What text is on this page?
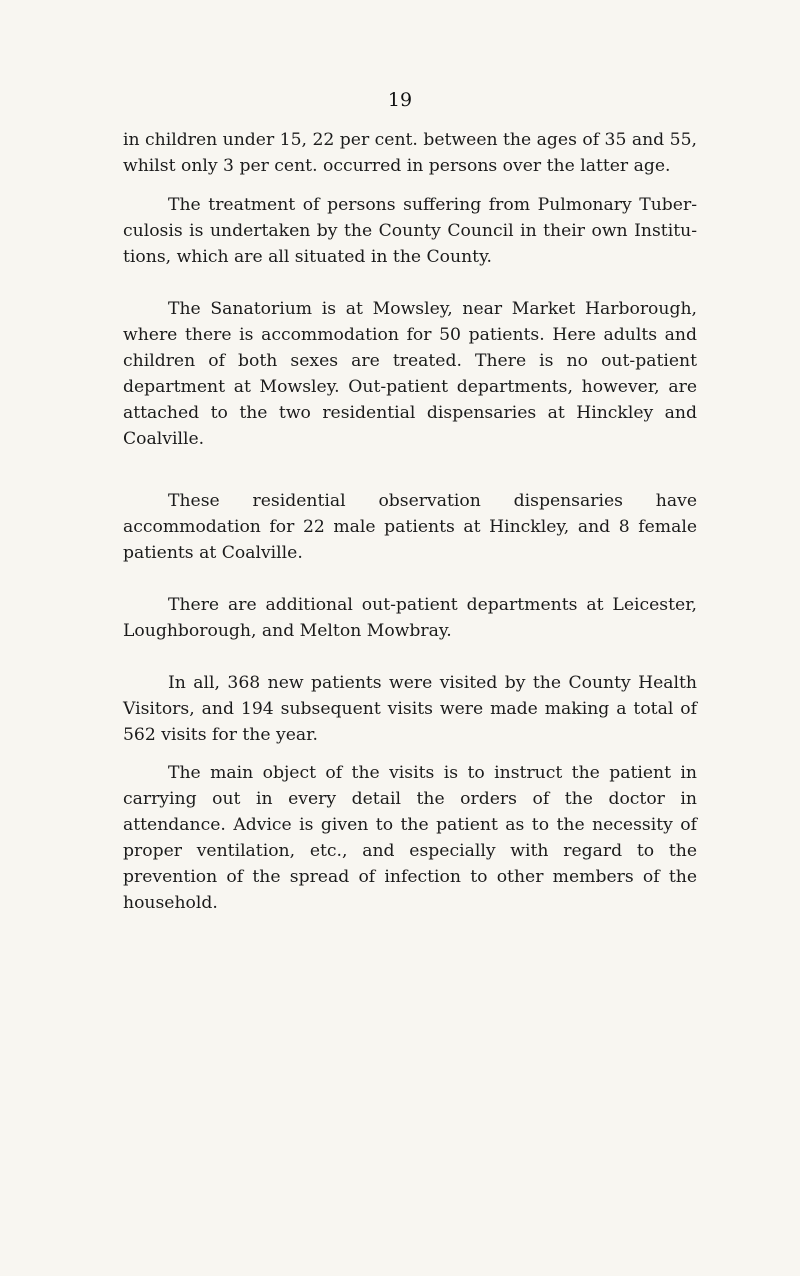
19

in children under 15, 22 per cent. between the ages of 35 and 55, whilst only 3 per cent. occurred in persons over the latter age.

The treatment of persons suffering from Pulmonary Tuberculosis is undertaken by the County Council in their own Institutions, which are all situated in the County.

The Sanatorium is at Mowsley, near Market Harborough, where there is accommodation for 50 patients. Here adults and children of both sexes are treated. There is no out-patient department at Mowsley. Out-patient departments, however, are attached to the two residential dispensaries at Hinckley and Coalville.

These residential observation dispensaries have accommodation for 22 male patients at Hinckley, and 8 female patients at Coalville.

There are additional out-patient departments at Leicester, Loughborough, and Melton Mowbray.

In all, 368 new patients were visited by the County Health Visitors, and 194 subsequent visits were made making a total of 562 visits for the year.

The main object of the visits is to instruct the patient in carrying out in every detail the orders of the doctor in attendance. Advice is given to the patient as to the necessity of proper ventilation, etc., and especially with regard to the prevention of the spread of infection to other members of the household.
